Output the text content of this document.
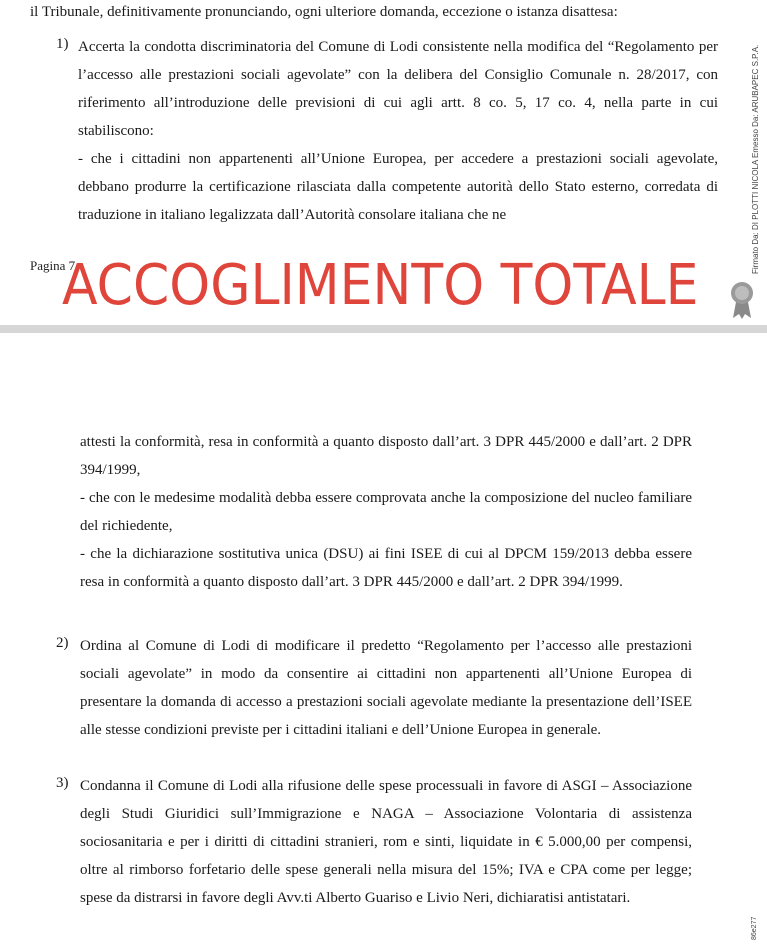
il Tribunale, definitivamente pronunciando, ogni ulteriore domanda, eccezione o istanza disattesa:
1) Accerta la condotta discriminatoria del Comune di Lodi consistente nella modifica del “Regolamento per l’accesso alle prestazioni sociali agevolate” con la delibera del Consiglio Comunale n. 28/2017, con riferimento all’introduzione delle previsioni di cui agli artt. 8 co. 5, 17 co. 4, nella parte in cui stabiliscono:
- che i cittadini non appartenenti all’Unione Europea, per accedere a prestazioni sociali agevolate, debbano produrre la certificazione rilasciata dalla competente autorità dello Stato esterno, corredata di traduzione in italiano legalizzata dall’Autorità consolare italiana che ne
Pagina 7
ACCOGLIMENTO TOTALE
Firmato Da: DI PLOTTI NICOLA Emesso Da: ARUBAPEC S.P.A.
attesti la conformità, resa in conformità a quanto disposto dall’art. 3 DPR 445/2000 e dall’art. 2 DPR 394/1999,
- che con le medesime modalità debba essere comprovata anche la composizione del nucleo familiare del richiedente,
- che la dichiarazione sostitutiva unica (DSU) ai fini ISEE di cui al DPCM 159/2013 debba essere resa in conformità a quanto disposto dall’art. 3 DPR 445/2000 e dall’art. 2 DPR 394/1999.
2) Ordina al Comune di Lodi di modificare il predetto “Regolamento per l’accesso alle prestazioni sociali agevolate” in modo da consentire ai cittadini non appartenenti all’Unione Europea di presentare la domanda di accesso a prestazioni sociali agevolate mediante la presentazione dell’ISEE alle stesse condizioni previste per i cittadini italiani e dell’Unione Europea in generale.
3) Condanna il Comune di Lodi alla rifusione delle spese processuali in favore di ASGI – Associazione degli Studi Giuridici sull’Immigrazione e NAGA – Associazione Volontaria di assistenza sociosanitaria e per i diritti di cittadini stranieri, rom e sinti, liquidate in € 5.000,00 per compensi, oltre al rimborso forfetario delle spese generali nella misura del 15%; IVA e CPA come per legge; spese da distrarsi in favore degli Avv.ti Alberto Guariso e Livio Neri, dichiaratisi antistatari.
86e277
